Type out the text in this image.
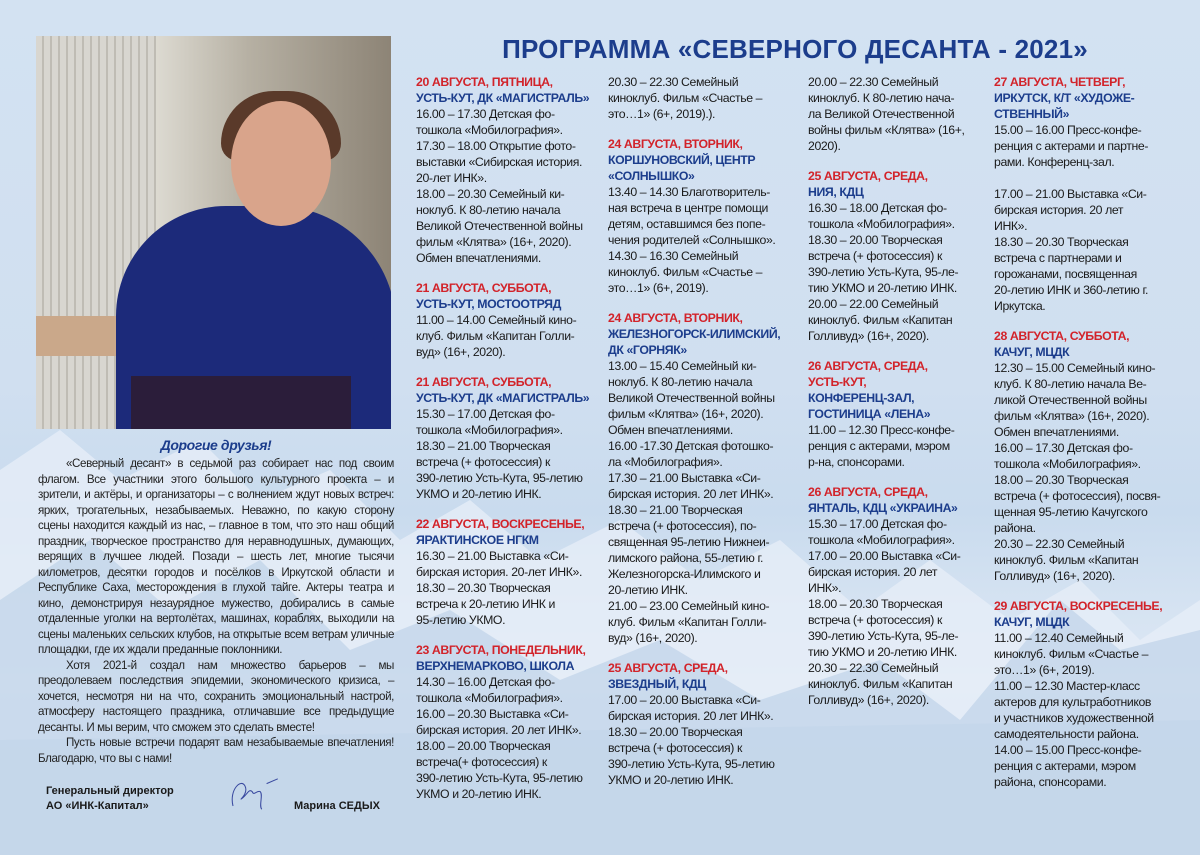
ПРОГРАММА «СЕВЕРНОГО ДЕСАНТА - 2021»
20 АВГУСТА, ПЯТНИЦА,
УСТЬ-КУТ, ДК «МАГИСТРАЛЬ»
16.00 – 17.30 Детская фо-
тошкола «Мобилография».
17.30 – 18.00 Открытие фото-
выставки «Сибирская история.
20-лет ИНК».
18.00 – 20.30 Семейный ки-
ноклуб. К 80-летию начала
Великой Отечественной войны
фильм «Клятва» (16+, 2020).
Обмен впечатлениями.
21 АВГУСТА, СУББОТА,
УСТЬ-КУТ, МОСТООТРЯД
11.00 – 14.00 Семейный кино-
клуб. Фильм «Капитан Голли-
вуд» (16+, 2020).
21 АВГУСТА, СУББОТА,
УСТЬ-КУТ, ДК «МАГИСТРАЛЬ»
15.30 – 17.00 Детская фо-
тошкола «Мобилография».
18.30 – 21.00 Творческая
встреча (+ фотосессия) к
390-летию Усть-Кута, 95-летию
УКМО и 20-летию ИНК.
22 АВГУСТА, ВОСКРЕСЕНЬЕ,
ЯРАКТИНСКОЕ НГКМ
16.30 – 21.00 Выставка «Си-
бирская история. 20-лет ИНК».
18.30 – 20.30 Творческая
встреча к 20-летию ИНК и
95-летию УКМО.
23 АВГУСТА, ПОНЕДЕЛЬНИК,
ВЕРХНЕМАРКОВО, ШКОЛА
14.30 – 16.00 Детская фо-
тошкола «Мобилография».
16.00 – 20.30 Выставка «Си-
бирская история. 20 лет ИНК».
18.00 – 20.00 Творческая
встреча(+ фотосессия) к
390-летию Усть-Кута, 95-летию
УКМО и 20-летию ИНК.
20.30 – 22.30 Семейный
киноклуб. Фильм «Счастье –
это…1» (6+, 2019).).
24 АВГУСТА, ВТОРНИК,
КОРШУНОВСКИЙ, ЦЕНТР
«СОЛНЫШКО»
13.40 – 14.30 Благотворитель-
ная встреча в центре помощи
детям, оставшимся без попе-
чения родителей «Солнышко».
14.30 – 16.30 Семейный
киноклуб. Фильм «Счастье –
это…1» (6+, 2019).
24 АВГУСТА, ВТОРНИК,
ЖЕЛЕЗНОГОРСК-ИЛИМСКИЙ,
ДК «ГОРНЯК»
13.00 – 15.40 Семейный ки-
ноклуб. К 80-летию начала
Великой Отечественной войны
фильм «Клятва» (16+, 2020).
Обмен впечатлениями.
16.00 -17.30 Детская фотошко-
ла «Мобилография».
17.30 – 21.00 Выставка «Си-
бирская история. 20 лет ИНК».
18.30 – 21.00 Творческая
встреча (+ фотосессия), по-
священная 95-летию Нижнеи-
лимского района, 55-летию г.
Железногорска-Илимского и
20-летию ИНК.
21.00 – 23.00 Семейный кино-
клуб. Фильм «Капитан Голли-
вуд» (16+, 2020).
25 АВГУСТА, СРЕДА,
ЗВЕЗДНЫЙ, КДЦ
17.00 – 20.00 Выставка «Си-
бирская история. 20 лет ИНК».
18.30 – 20.00 Творческая
встреча (+ фотосессия) к
390-летию Усть-Кута, 95-летию
УКМО и 20-летию ИНК.
20.00 – 22.30 Семейный
киноклуб. К 80-летию нача-
ла Великой Отечественной
войны фильм «Клятва» (16+,
2020).
25 АВГУСТА, СРЕДА,
НИЯ, КДЦ
16.30 – 18.00 Детская фо-
тошкола «Мобилография».
18.30 – 20.00 Творческая
встреча (+ фотосессия) к
390-летию Усть-Кута, 95-ле-
тию УКМО и 20-летию ИНК.
20.00 – 22.00 Семейный
киноклуб. Фильм «Капитан
Голливуд» (16+, 2020).
26 АВГУСТА, СРЕДА,
УСТЬ-КУТ,
КОНФЕРЕНЦ-ЗАЛ,
ГОСТИНИЦА «ЛЕНА»
11.00 – 12.30 Пресс-конфе-
ренция с актерами, мэром
р-на, спонсорами.
26 АВГУСТА, СРЕДА,
ЯНТАЛЬ, КДЦ «УКРАИНА»
15.30 – 17.00 Детская фо-
тошкола «Мобилография».
17.00 – 20.00 Выставка «Си-
бирская история. 20 лет
ИНК».
18.00 – 20.30 Творческая
встреча (+ фотосессия) к
390-летию Усть-Кута, 95-ле-
тию УКМО и 20-летию ИНК.
20.30 – 22.30 Семейный
киноклуб. Фильм «Капитан
Голливуд» (16+, 2020).
27 АВГУСТА, ЧЕТВЕРГ,
ИРКУТСК, К/Т «ХУДОЖЕ-
СТВЕННЫЙ»
15.00 – 16.00 Пресс-конфе-
ренция с актерами и партне-
рами. Конференц-зал.

17.00 – 21.00 Выставка «Си-
бирская история. 20 лет
ИНК».
18.30 – 20.30 Творческая
встреча с партнерами и
горожанами, посвященная
20-летию ИНК и 360-летию г.
Иркутска.
28 АВГУСТА, СУББОТА,
КАЧУГ, МЦДК
12.30 – 15.00 Семейный кино-
клуб. К 80-летию начала Ве-
ликой Отечественной войны
фильм «Клятва» (16+, 2020).
Обмен впечатлениями.
16.00 – 17.30 Детская фо-
тошкола «Мобилография».
18.00 – 20.30 Творческая
встреча (+ фотосессия), посвя-
щенная 95-летию Качугского
района.
20.30 – 22.30 Семейный
киноклуб. Фильм «Капитан
Голливуд» (16+, 2020).
29 АВГУСТА, ВОСКРЕСЕНЬЕ,
КАЧУГ, МЦДК
11.00 – 12.40 Семейный
киноклуб. Фильм «Счастье –
это…1» (6+, 2019).
11.00 – 12.30 Мастер-класс
актеров для культработников
и участников художественной
самодеятельности района.
14.00 – 15.00 Пресс-конфе-
ренция с актерами, мэром
района, спонсорами.
Дорогие друзья!

«Северный десант» в седьмой раз собирает нас под своим флагом. Все участники этого большого культурного проекта – и зрители, и актёры, и организаторы – с волнением ждут новых встреч: ярких, трогательных, незабываемых. Неважно, по какую сторону сцены находится каждый из нас, – главное в том, что это наш общий праздник, творческое пространство для неравнодушных, думающих, верящих в лучшее людей. Позади – шесть лет, многие тысячи километров, десятки городов и посёлков в Иркутской области и Республике Саха, месторождения в глухой тайге. Актеры театра и кино, демонстрируя незаурядное мужество, добирались в самые отдаленные уголки на вертолётах, машинах, кораблях, выходили на сцены маленьких сельских клубов, на открытые всем ветрам уличные площадки, где их ждали преданные поклонники.

Хотя 2021-й создал нам множество барьеров – мы преодолеваем последствия эпидемии, экономического кризиса, – хочется, несмотря ни на что, сохранить эмоциональный настрой, атмосферу настоящего праздника, отличавшие все предыдущие десанты. И мы верим, что сможем это сделать вместе!

Пусть новые встречи подарят вам незабываемые впечатления! Благодарю, что вы с нами!

Генеральный директор
АО «ИНК-Капитал»	Марина СЕДЫХ
